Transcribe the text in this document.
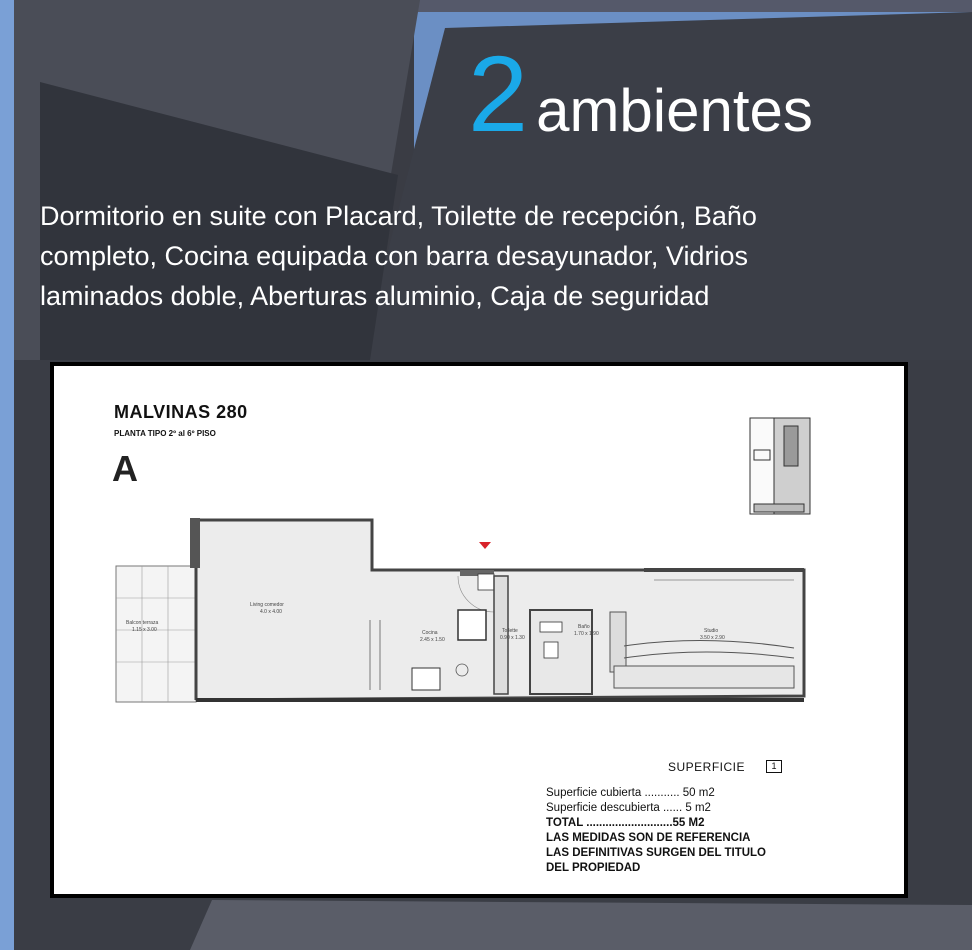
2 ambientes
Dormitorio en suite con Placard, Toilette de recepción, Baño
completo, Cocina equipada con barra desayunador, Vidrios
laminados doble, Aberturas aluminio, Caja de seguridad
Balcon terraza
1.15 x 3.00
Living comedor
4.0 x 4.00
Cocina
2.45 x 1.50
Toilette
0.90 x 1.30
Baño
1.70 x 1.90	Studio
3.50 x 2.90
MALVINAS 280
PLANTA TIPO 2º al 6º PISO
A
SUPERFICIE	1
Superficie cubierta ........... 50 m2
Superficie descubierta ...... 5 m2
TOTAL ...........................55 M2
LAS MEDIDAS SON DE REFERENCIA
LAS DEFINITIVAS SURGEN DEL TITULO
DEL PROPIEDAD
